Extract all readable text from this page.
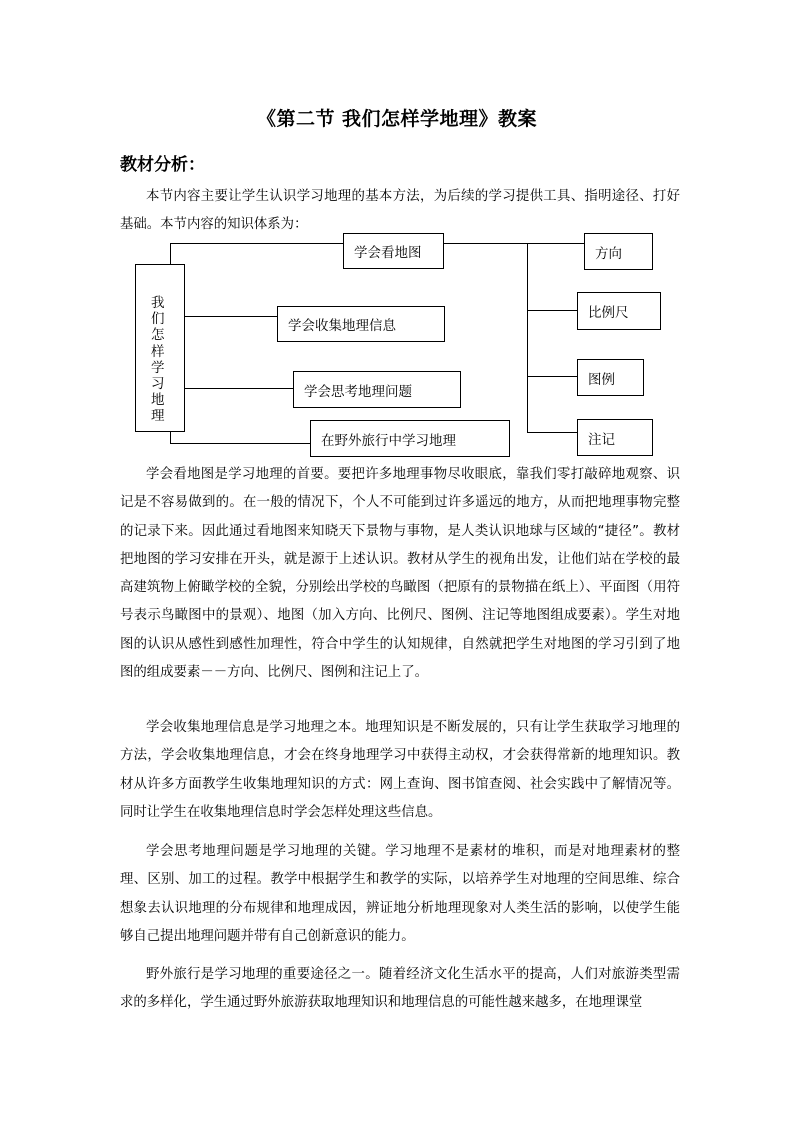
《第二节 我们怎样学地理》教案
教材分析：

本节内容主要让学生认识学习地理的基本方法，为后续的学习提供工具、指明途径、打好基础。本节内容的知识体系为：

我们怎样学习地理
学会看地图
学会收集地理信息
学会思考地理问题
在野外旅行中学习地理
方向
比例尺
图例
注记

学会看地图是学习地理的首要。要把许多地理事物尽收眼底，靠我们零打敲碎地观察、识记是不容易做到的。在一般的情况下，个人不可能到过许多遥远的地方，从而把地理事物完整的记录下来。因此通过看地图来知晓天下景物与事物，是人类认识地球与区域的“捷径”。教材把地图的学习安排在开头，就是源于上述认识。教材从学生的视角出发，让他们站在学校的最高建筑物上俯瞰学校的全貌，分别绘出学校的鸟瞰图（把原有的景物描在纸上）、平面图（用符号表示鸟瞰图中的景观）、地图（加入方向、比例尺、图例、注记等地图组成要素）。学生对地图的认识从感性到感性加理性，符合中学生的认知规律，自然就把学生对地图的学习引到了地图的组成要素－－方向、比例尺、图例和注记上了。

学会收集地理信息是学习地理之本。地理知识是不断发展的，只有让学生获取学习地理的方法，学会收集地理信息，才会在终身地理学习中获得主动权，才会获得常新的地理知识。教材从许多方面教学生收集地理知识的方式：网上查询、图书馆查阅、社会实践中了解情况等。同时让学生在收集地理信息时学会怎样处理这些信息。

学会思考地理问题是学习地理的关键。学习地理不是素材的堆积，而是对地理素材的整理、区别、加工的过程。教学中根据学生和教学的实际，以培养学生对地理的空间思维、综合想象去认识地理的分布规律和地理成因，辨证地分析地理现象对人类生活的影响，以使学生能够自己提出地理问题并带有自己创新意识的能力。

野外旅行是学习地理的重要途径之一。随着经济文化生活水平的提高，人们对旅游类型需求的多样化，学生通过野外旅游获取地理知识和地理信息的可能性越来越多，在地理课堂
